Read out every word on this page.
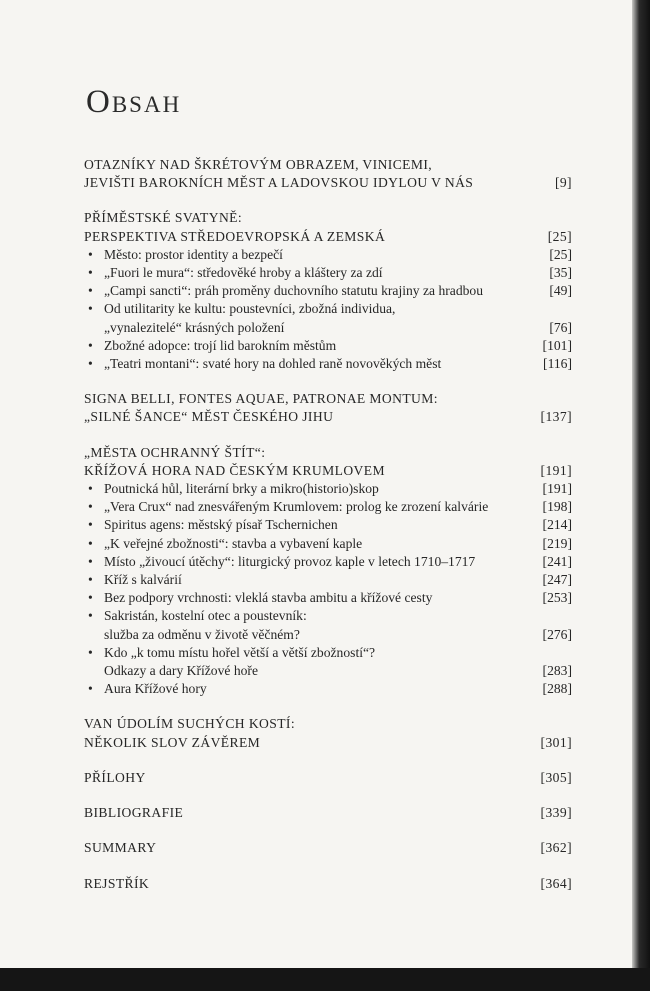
Obsah
OTAZNÍKY NAD ŠKRÉTOVÝM OBRAZEM, VINICEMI,
JEVIŠTI BAROKNÍCH MĚST A LADOVSKOU IDYLOU V NÁS	[9]
PŘÍMĚSTSKÉ SVATYNĚ:
PERSPEKTIVA STŘEDOEVROPSKÁ A ZEMSKÁ	[25]
• Město: prostor identity a bezpečí	[25]
• „Fuori le mura“: středověké hroby a kláštery za zdí	[35]
• „Campi sancti“: práh proměny duchovního statutu krajiny za hradbou	[49]
• Od utilitarity ke kultu: poustevníci, zbožná individua,
„vynalezitelé“ krásných položení	[76]
• Zbožné adopce: trojí lid barokním městům	[101]
• „Teatri montani“: svaté hory na dohled raně novověkých měst	[116]
SIGNA BELLI, FONTES AQUAE, PATRONAE MONTUM:
„SILNÉ ŠANCE“ MĚST ČESKÉHO JIHU	[137]
„MĚSTA OCHRANNÝ ŠTÍT“:
KŘÍŽOVÁ HORA NAD ČESKÝM KRUMLOVEM	[191]
• Poutnická hůl, literární brky a mikro(historio)skop	[191]
• „Vera Crux“ nad znesvářeným Krumlovem: prolog ke zrození kalvárie	[198]
• Spiritus agens: městský písař Tschernichen	[214]
• „K veřejné zbožnosti“: stavba a vybavení kaple	[219]
• Místo „živoucí útěchy“: liturgický provoz kaple v letech 1710–1717	[241]
• Kříž s kalvárií	[247]
• Bez podpory vrchnosti: vleklá stavba ambitu a křížové cesty	[253]
• Sakristán, kostelní otec a poustevník:
služba za odměnu v životě věčném?	[276]
• Kdo „k tomu místu hořel větší a větší zbožností“?
Odkazy a dary Křížové hoře	[283]
• Aura Křížové hory	[288]
VAN ÚDOLÍM SUCHÝCH KOSTÍ:
NĚKOLIK SLOV ZÁVĚREM	[301]
PŘÍLOHY	[305]
BIBLIOGRAFIE	[339]
SUMMARY	[362]
REJSTŘÍK	[364]
